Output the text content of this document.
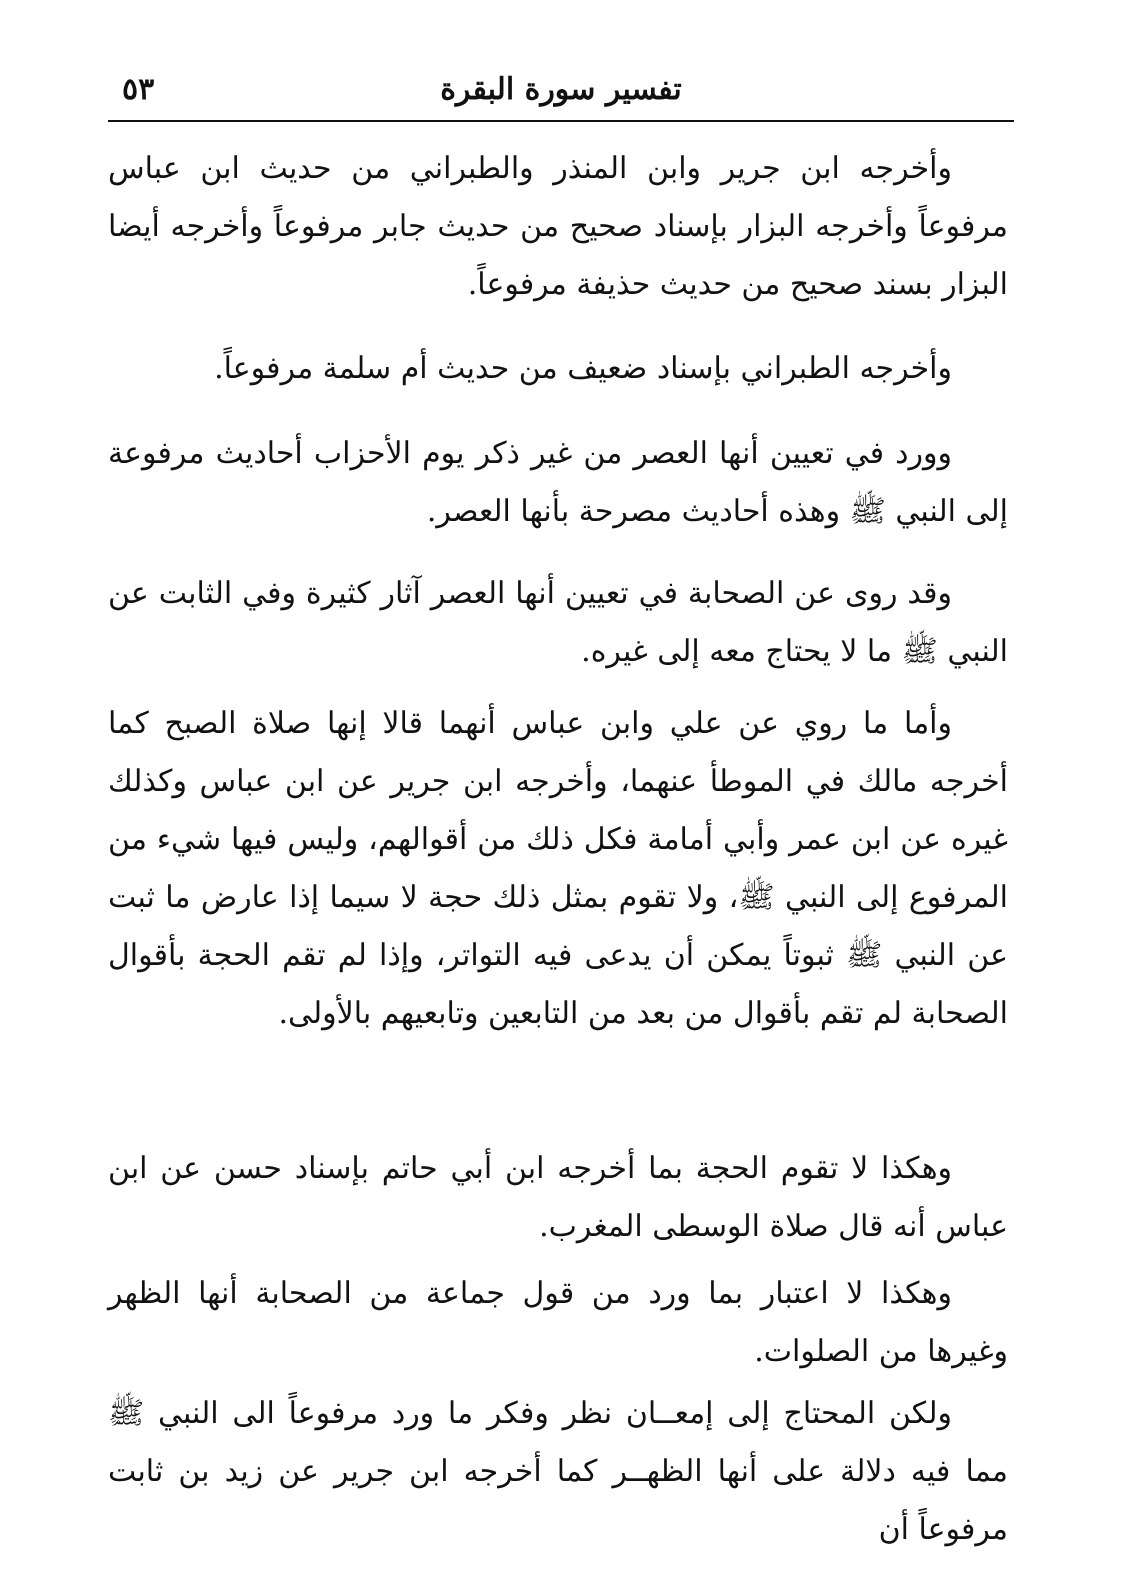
تفسير سورة البقرة
٥٣

وأخرجه ابن جرير وابن المنذر والطبراني من حديث ابن عباس مرفوعاً وأخرجه البزار بإسناد صحيح من حديث جابر مرفوعاً وأخرجه أيضا البزار بسند صحيح من حديث حذيفة مرفوعاً.

وأخرجه الطبراني بإسناد ضعيف من حديث أم سلمة مرفوعاً.

وورد في تعيين أنها العصر من غير ذكر يوم الأحزاب أحاديث مرفوعة إلى النبي ﷺ وهذه أحاديث مصرحة بأنها العصر.

وقد روى عن الصحابة في تعيين أنها العصر آثار كثيرة وفي الثابت عن النبي ﷺ ما لا يحتاج معه إلى غيره.

وأما ما روي عن علي وابن عباس أنهما قالا إنها صلاة الصبح كما أخرجه مالك في الموطأ عنهما، وأخرجه ابن جرير عن ابن عباس وكذلك غيره عن ابن عمر وأبي أمامة فكل ذلك من أقوالهم، وليس فيها شيء من المرفوع إلى النبي ﷺ، ولا تقوم بمثل ذلك حجة لا سيما إذا عارض ما ثبت عن النبي ﷺ ثبوتاً يمكن أن يدعى فيه التواتر، وإذا لم تقم الحجة بأقوال الصحابة لم تقم بأقوال من بعد من التابعين وتابعيهم بالأولى.

وهكذا لا تقوم الحجة بما أخرجه ابن أبي حاتم بإسناد حسن عن ابن عباس أنه قال صلاة الوسطى المغرب.

وهكذا لا اعتبار بما ورد من قول جماعة من الصحابة أنها الظهر وغيرها من الصلوات.

ولكن المحتاج إلى إمعــان نظر وفكر ما ورد مرفوعاً الى النبي ﷺ مما فيه دلالة على أنها الظهــر كما أخرجه ابن جرير عن زيد بن ثابت مرفوعاً أن
